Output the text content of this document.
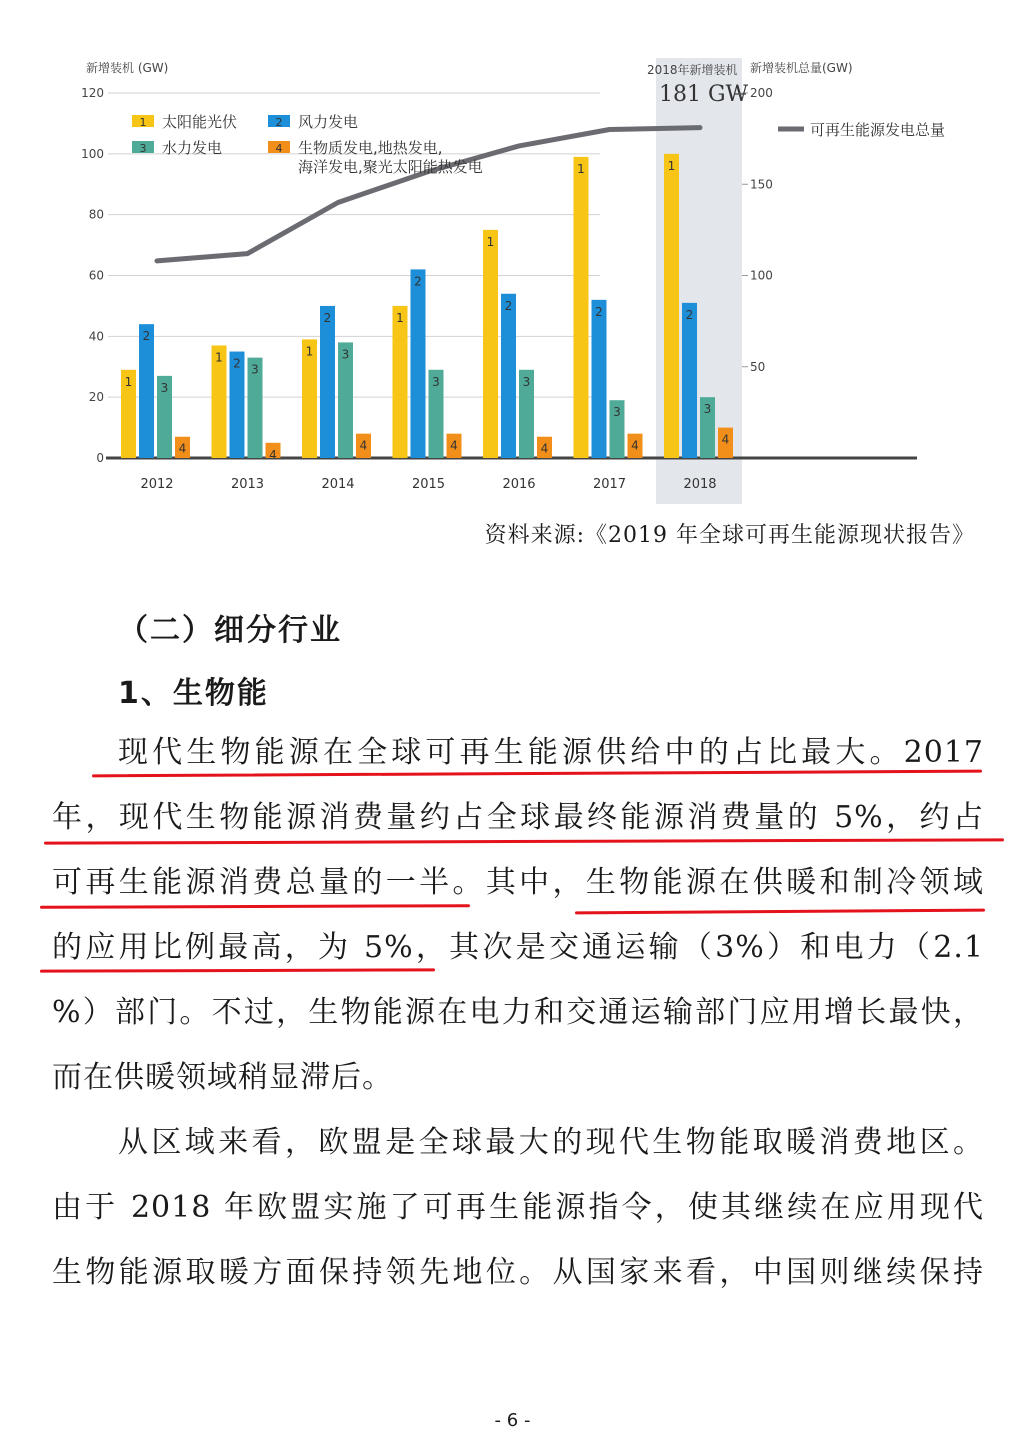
1
2
3
4
1 2 3
4
1
2
3
4
1
2
3
4
1
2
3
4
1
2
3
4
1
2
3
4
0
20
40
60
80
100
120
50
100
150
200
2012	2013	2014	2015	2016	2017	2018
新增装机 (GW)	新增装机总量(GW)
2018年新增装机
181 GW
1 太阳能光伏	2 风力发电
3 水力发电	4 生物质发电,地热发电,
海洋发电,聚光太阳能热发电
可再生能源发电总量
资料来源:《2019 年全球可再生能源现状报告》
（二）细分行业
1、生物能
现代生物能源在全球可再生能源供给中的占比最大。2017
年，现代生物能源消费量约占全球最终能源消费量的 5%，约占
可再生能源消费总量的一半。其中，生物能源在供暖和制冷领域
的应用比例最高，为 5%，其次是交通运输（3%）和电力（2.1
%）部门。不过，生物能源在电力和交通运输部门应用增长最快，
而在供暖领域稍显滞后。
从区域来看，欧盟是全球最大的现代生物能取暖消费地区。
由于 2018 年欧盟实施了可再生能源指令，使其继续在应用现代
生物能源取暖方面保持领先地位。从国家来看，中国则继续保持
- 6 -
